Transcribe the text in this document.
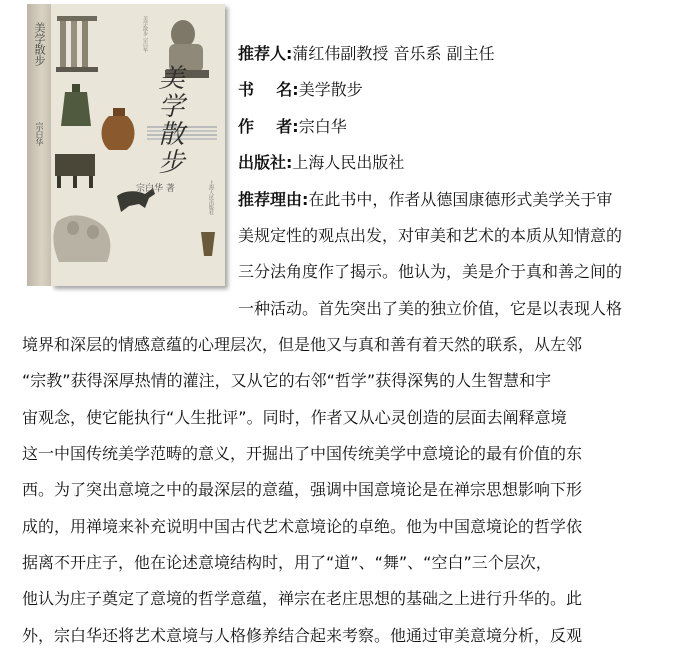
美学散步
宗白华
美学散步 宗白华
美学散步
宗白华 著	上海人民出版社
推荐人:蒲红伟副教授 音乐系 副主任
书    名:美学散步
作    者:宗白华
出版社:上海人民出版社
推荐理由:在此书中，作者从德国康德形式美学关于审
美规定性的观点出发，对审美和艺术的本质从知情意的
三分法角度作了揭示。他认为，美是介于真和善之间的
一种活动。首先突出了美的独立价值，它是以表现人格
境界和深层的情感意蕴的心理层次，但是他又与真和善有着天然的联系，从左邻
“宗教”获得深厚热情的灌注，又从它的右邻“哲学”获得深隽的人生智慧和宇
宙观念，使它能执行“人生批评”。同时，作者又从心灵创造的层面去阐释意境
这一中国传统美学范畴的意义，开掘出了中国传统美学中意境论的最有价值的东
西。为了突出意境之中的最深层的意蕴，强调中国意境论是在禅宗思想影响下形
成的，用禅境来补充说明中国古代艺术意境论的卓绝。他为中国意境论的哲学依
据离不开庄子，他在论述意境结构时，用了“道”、“舞”、“空白”三个层次，
他认为庄子奠定了意境的哲学意蕴，禅宗在老庄思想的基础之上进行升华的。此
外，宗白华还将艺术意境与人格修养结合起来考察。他通过审美意境分析，反观
